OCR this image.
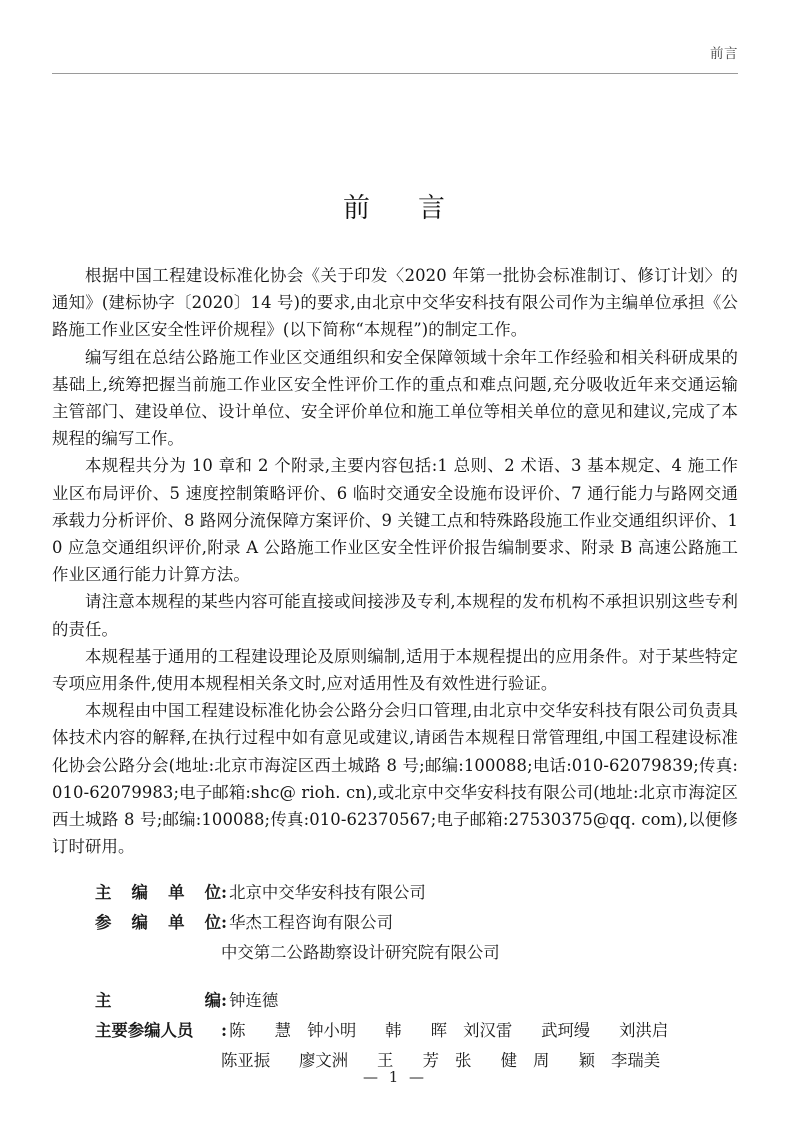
前言
前 言

根据中国工程建设标准化协会《关于印发〈2020 年第一批协会标准制订、修订计划〉的通知》(建标协字〔2020〕14 号)的要求,由北京中交华安科技有限公司作为主编单位承担《公路施工作业区安全性评价规程》(以下简称“本规程”)的制定工作。

编写组在总结公路施工作业区交通组织和安全保障领域十余年工作经验和相关科研成果的基础上,统筹把握当前施工作业区安全性评价工作的重点和难点问题,充分吸收近年来交通运输主管部门、建设单位、设计单位、安全评价单位和施工单位等相关单位的意见和建议,完成了本规程的编写工作。

本规程共分为 10 章和 2 个附录,主要内容包括:1 总则、2 术语、3 基本规定、4 施工作业区布局评价、5 速度控制策略评价、6 临时交通安全设施布设评价、7 通行能力与路网交通承载力分析评价、8 路网分流保障方案评价、9 关键工点和特殊路段施工作业交通组织评价、10 应急交通组织评价,附录 A 公路施工作业区安全性评价报告编制要求、附录 B 高速公路施工作业区通行能力计算方法。

请注意本规程的某些内容可能直接或间接涉及专利,本规程的发布机构不承担识别这些专利的责任。

本规程基于通用的工程建设理论及原则编制,适用于本规程提出的应用条件。对于某些特定专项应用条件,使用本规程相关条文时,应对适用性及有效性进行验证。

本规程由中国工程建设标准化协会公路分会归口管理,由北京中交华安科技有限公司负责具体技术内容的解释,在执行过程中如有意见或建议,请函告本规程日常管理组,中国工程建设标准化协会公路分会(地址:北京市海淀区西土城路 8 号;邮编:100088;电话:010-62079839;传真:010-62079983;电子邮箱:shc@ rioh. cn),或北京中交华安科技有限公司(地址:北京市海淀区西土城路 8 号;邮编:100088;传真:010-62370567;电子邮箱:27530375@qq. com),以便修订时研用。

主 编 单 位 : 北京中交华安科技有限公司
参 编 单 位 : 华杰工程咨询有限公司
中交第二公路勘察设计研究院有限公司
主	编 : 钟连德
主要参编人员	: 陈 慧 钟小明 韩 晖 刘汉雷 武珂缦 刘洪启
陈亚振 廖文洲 王 芳 张 健 周 颖 李瑞美
— 1 —
